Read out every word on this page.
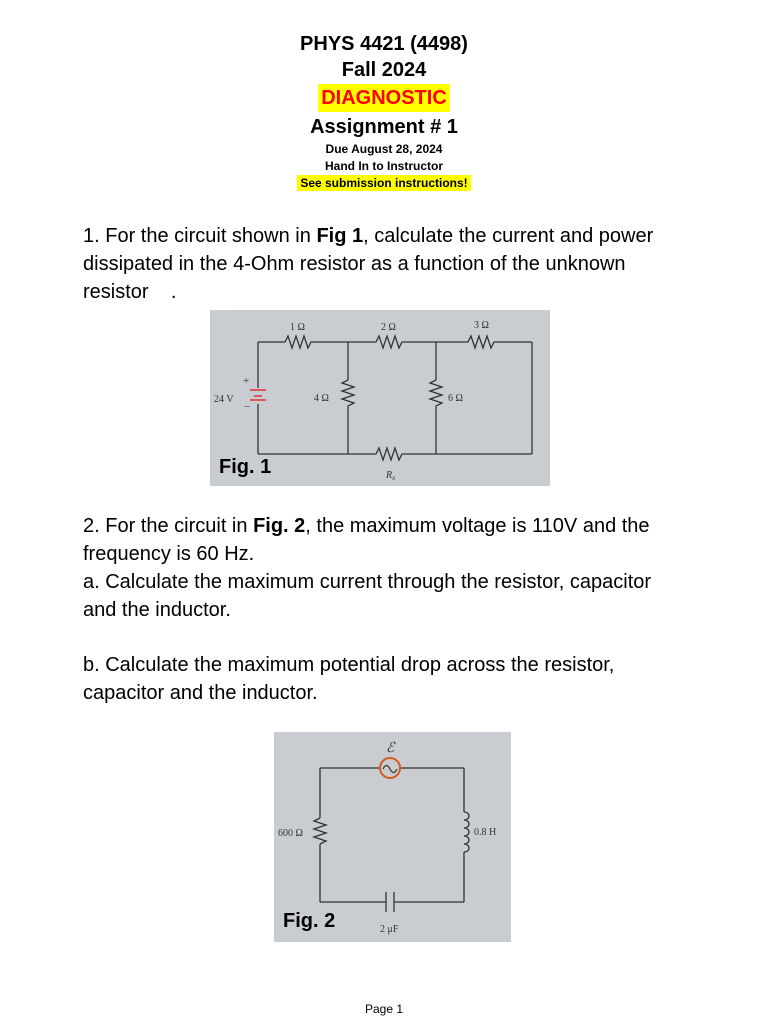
PHYS 4421 (4498)
Fall 2024
DIAGNOSTIC
Assignment # 1
Due August 28, 2024
Hand In to Instructor
See submission instructions!
1. For the circuit shown in Fig 1, calculate the current and power dissipated in the 4-Ohm resistor as a function of the unknown resistor .
+
−
24 V
1 Ω	2 Ω	3 Ω
4 Ω	6 Ω
$R_x$
Fig. 1
2. For the circuit in Fig. 2, the maximum voltage is 110V and the frequency is 60 Hz.
a. Calculate the maximum current through the resistor, capacitor and the inductor.
b. Calculate the maximum potential drop across the resistor, capacitor and the inductor.
ℰ
600 Ω	0.8 H
2 μF
Fig. 2
Page 1
